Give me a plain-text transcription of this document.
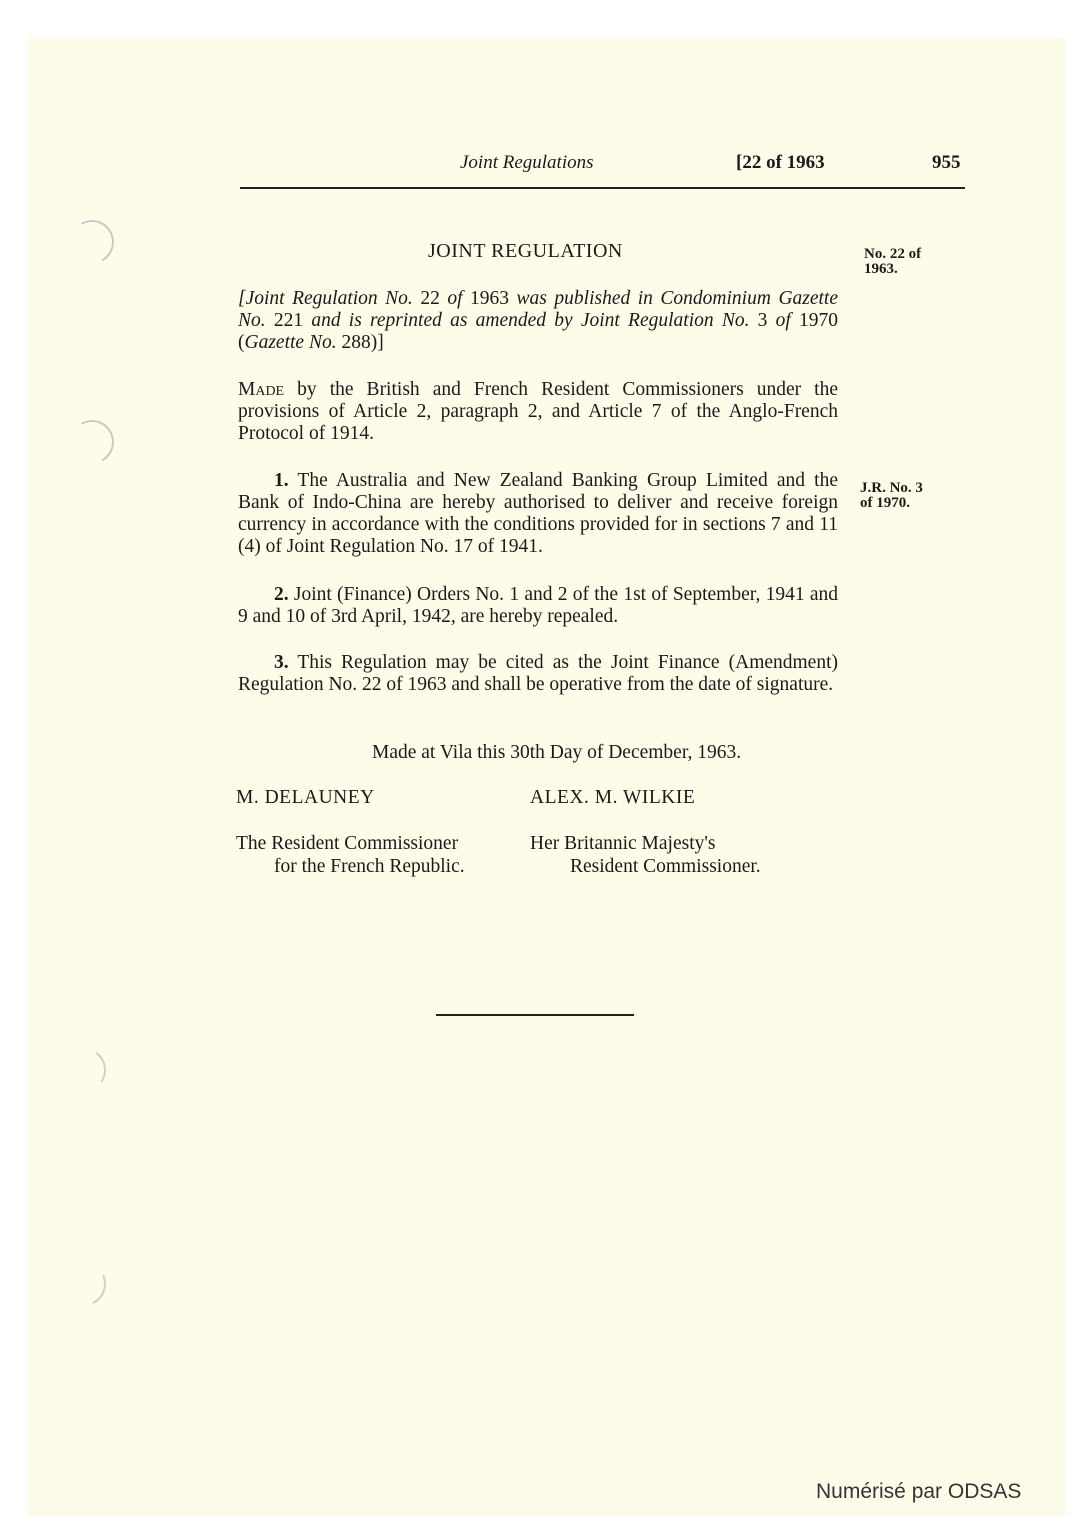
Joint Regulations	[22 of 1963	955
JOINT REGULATION	No. 22 of
1963.
[Joint Regulation No. 22 of 1963 was published in Condominium Gazette No. 221 and is reprinted as amended by Joint Regulation No. 3 of 1970 (Gazette No. 288)]
Made by the British and French Resident Commissioners under the provisions of Article 2, paragraph 2, and Article 7 of the Anglo-French Protocol of 1914.
J.R. No. 3
of 1970.
1. The Australia and New Zealand Banking Group Limited and the Bank of Indo-China are hereby authorised to deliver and receive foreign currency in accordance with the conditions provided for in sections 7 and 11 (4) of Joint Regulation No. 17 of 1941.
2. Joint (Finance) Orders No. 1 and 2 of the 1st of September, 1941 and 9 and 10 of 3rd April, 1942, are hereby repealed.
3. This Regulation may be cited as the Joint Finance (Amendment) Regulation No. 22 of 1963 and shall be operative from the date of signature.
Made at Vila this 30th Day of December, 1963.
M. DELAUNEY	ALEX. M. WILKIE
The Resident Commissioner
for the French Republic.
Her Britannic Majesty's
Resident Commissioner.
Numérisé par ODSAS
